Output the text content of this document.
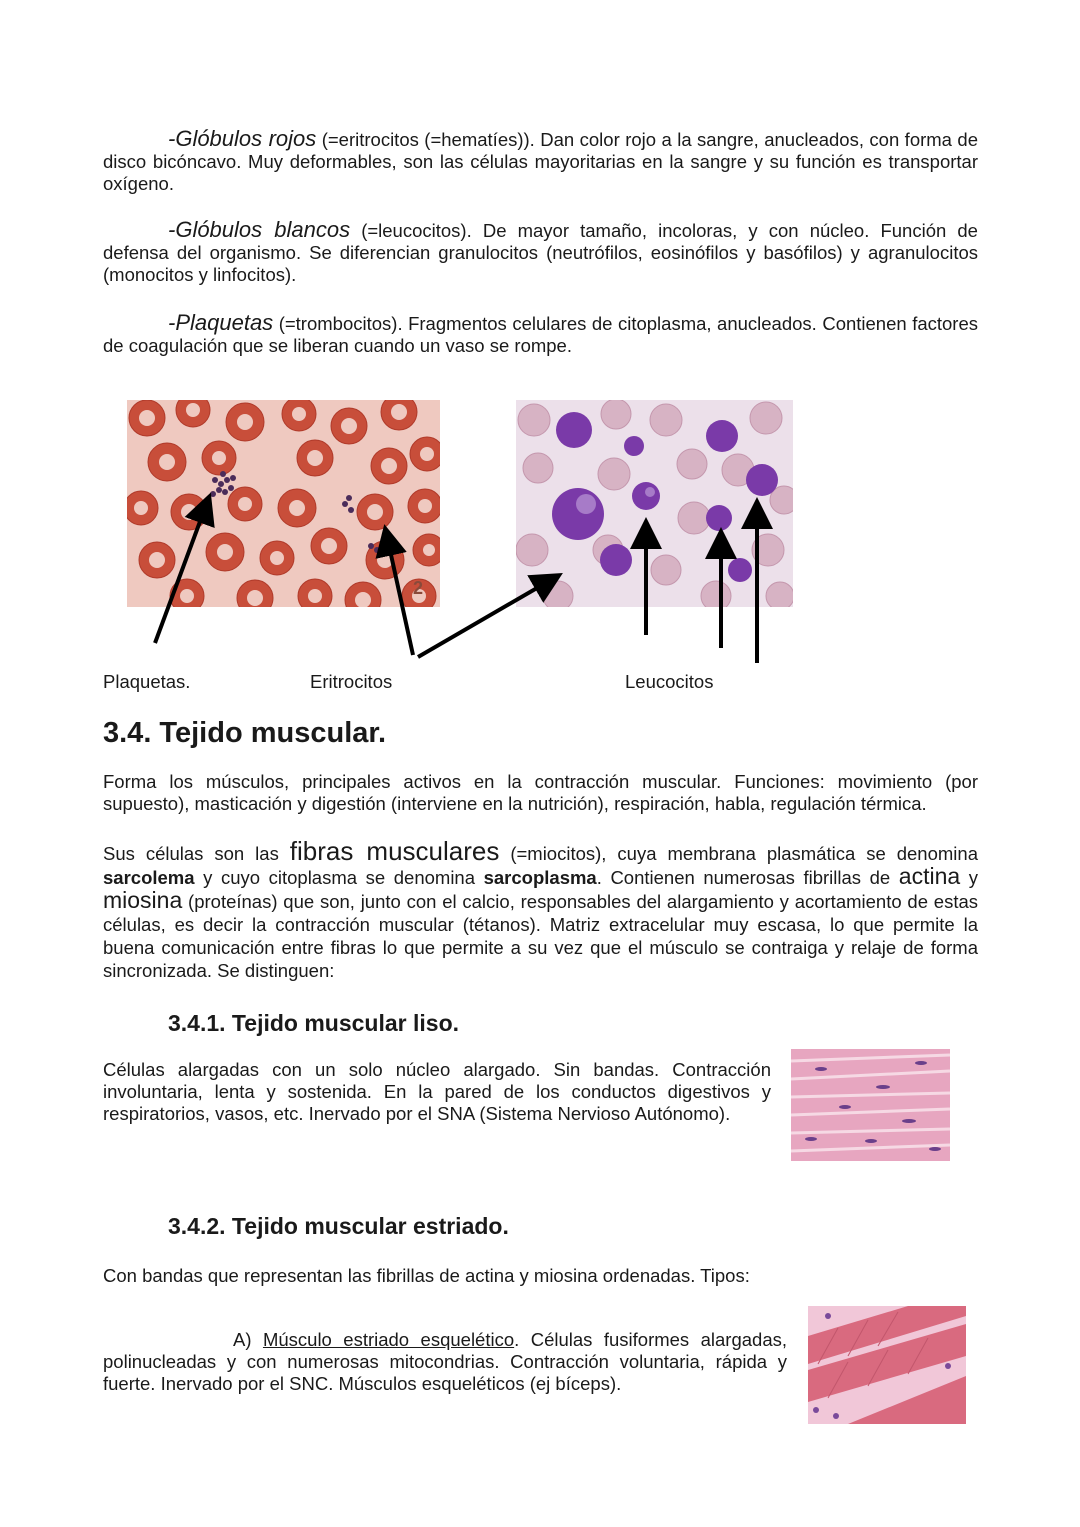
-Glóbulos rojos (=eritrocitos (=hematíes)). Dan color rojo a la sangre, anucleados, con forma de disco bicóncavo. Muy deformables, son las células mayoritarias en la sangre y su función es transportar oxígeno.

-Glóbulos blancos (=leucocitos). De mayor tamaño, incoloras, y con núcleo. Función de defensa del organismo. Se diferencian granulocitos (neutrófilos, eosinófilos y basófilos) y agranulocitos (monocitos y linfocitos).

-Plaquetas (=trombocitos). Fragmentos celulares de citoplasma, anucleados. Contienen factores de coagulación que se liberan cuando un vaso se rompe.

2
Plaquetas.	Eritrocitos	Leucocitos
3.4. Tejido muscular.

Forma los músculos, principales activos en la contracción muscular. Funciones: movimiento (por supuesto), masticación y digestión (interviene en la nutrición), respiración, habla, regulación térmica.

Sus células son las fibras musculares (=miocitos), cuya membrana plasmática se denomina sarcolema y cuyo citoplasma se denomina sarcoplasma. Contienen numerosas fibrillas de actina y miosina (proteínas) que son, junto con el calcio, responsables del alargamiento y acortamiento de estas células, es decir la contracción muscular (tétanos). Matriz extracelular muy escasa, lo que permite la buena comunicación entre fibras lo que permite a su vez que el músculo se contraiga y relaje de forma sincronizada. Se distinguen:

3.4.1. Tejido muscular liso.

Células alargadas con un solo núcleo alargado. Sin bandas. Contracción involuntaria, lenta y sostenida. En la pared de los conductos digestivos y respiratorios, vasos, etc. Inervado por el SNA (Sistema Nervioso Autónomo).

3.4.2. Tejido muscular estriado.

Con bandas que representan las fibrillas de actina y miosina ordenadas. Tipos:

A) Músculo estriado esquelético. Células fusiformes alargadas, polinucleadas y con numerosas mitocondrias. Contracción voluntaria, rápida y fuerte. Inervado por el SNC. Músculos esqueléticos (ej bíceps).
